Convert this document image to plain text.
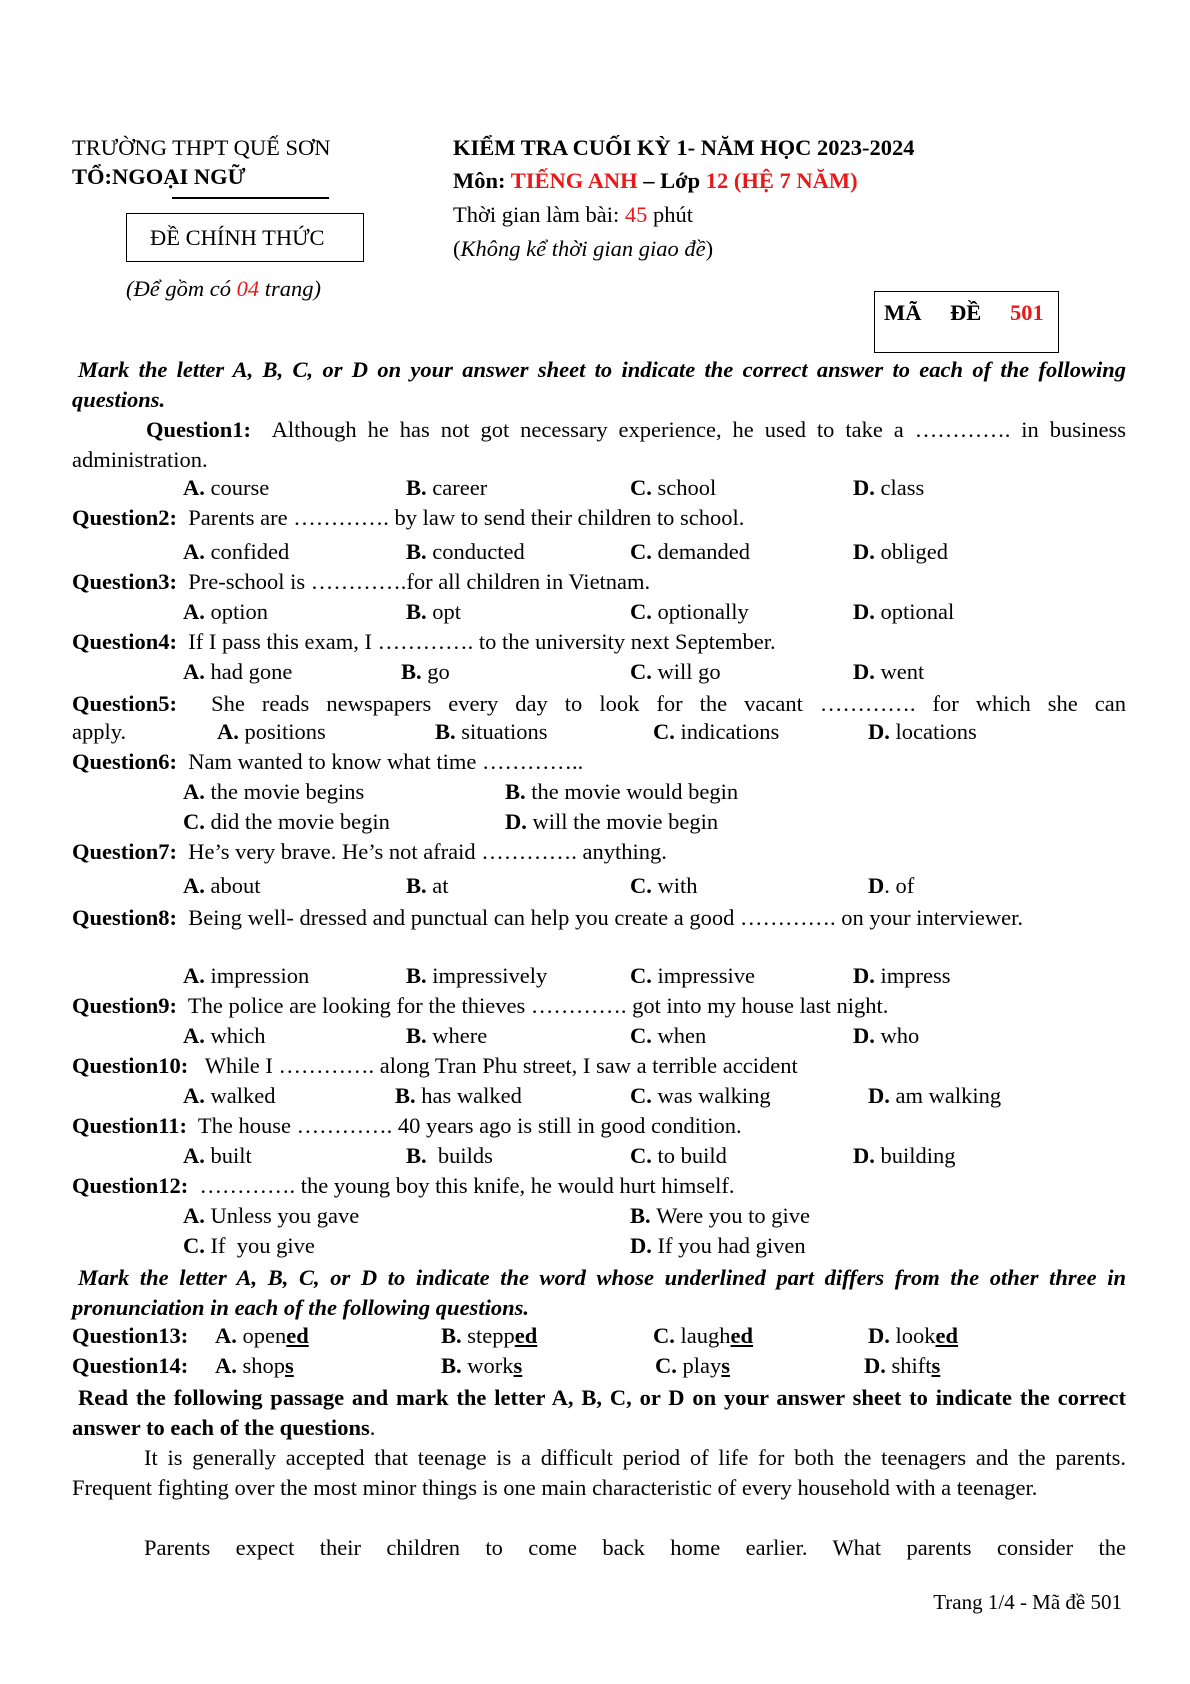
TRƯỜNG THPT QUẾ SƠN
TỔ:NGOẠI NGỮ
ĐỀ CHÍNH THỨC
(Để gồm có 04 trang)
KIỂM TRA CUỐI KỲ 1- NĂM HỌC 2023-2024
Môn: TIẾNG ANH – Lớp 12 (HỆ 7 NĂM)
Thời gian làm bài: 45 phút
(Không kể thời gian giao đề)
MÃ ĐỀ 501
Mark the letter A, B, C, or D on your answer sheet to indicate the correct answer to each of the following questions.
Question1: Although he has not got necessary experience, he used to take a …………. in business administration.
A. course	B. career	C. school	D. class
Question2: Parents are …………. by law to send their children to school.
A. confided	B. conducted	C. demanded	D. obliged
Question3: Pre-school is ………….for all children in Vietnam.
A. option	B. opt	C. optionally	D. optional
Question4: If I pass this exam, I …………. to the university next September.
A. had gone	B. go	C. will go	D. went
Question5: She reads newspapers every day to look for the vacant …………. for which she can
apply.	A. positions	B. situations	C. indications	D. locations
Question6: Nam wanted to know what time …………..
A. the movie begins	B. the movie would begin
C. did the movie begin	D. will the movie begin
Question7: He’s very brave. He’s not afraid …………. anything.
A. about	B. at	C. with	D. of
Question8: Being well- dressed and punctual can help you create a good …………. on your interviewer.
A. impression	B. impressively	C. impressive	D. impress
Question9: The police are looking for the thieves …………. got into my house last night.
A. which	B. where	C. when	D. who
Question10: While I …………. along Tran Phu street, I saw a terrible accident
A. walked	B. has walked	C. was walking	D. am walking
Question11: The house …………. 40 years ago is still in good condition.
A. built	B. builds	C. to build	D. building
Question12: …………. the young boy this knife, he would hurt himself.
A. Unless you gave	B. Were you to give
C. If  you give	D. If you had given
Mark the letter A, B, C, or D to indicate the word whose underlined part differs from the other three in pronunciation in each of the following questions.
Question13: A. opened	B. stepped	C. laughed	D. looked
Question14: A. shops	B. works	C. plays	D. shifts
Read the following passage and mark the letter A, B, C, or D on your answer sheet to indicate the correct answer to each of the questions.
It is generally accepted that teenage is a difficult period of life for both the teenagers and the parents. Frequent fighting over the most minor things is one main characteristic of every household with a teenager.
Parents expect their children to come back home earlier. What parents consider the
Trang 1/4 - Mã đề 501
